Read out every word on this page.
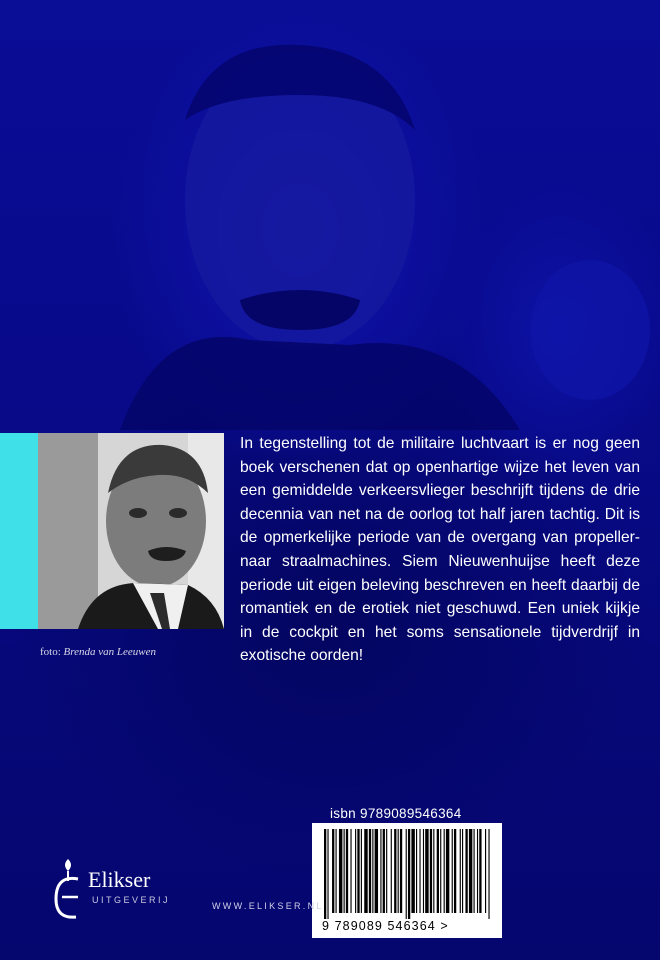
foto: Brenda van Leeuwen
In tegenstelling tot de militaire luchtvaart is er nog geen boek verschenen dat op openhartige wijze het leven van een gemiddelde verkeersvlieger beschrijft tijdens de drie decennia van net na de oorlog tot half jaren tachtig. Dit is de opmerkelijke periode van de overgang van propeller- naar straalmachines. Siem Nieuwenhuijse heeft deze periode uit eigen beleving beschreven en heeft daarbij de romantiek en de erotiek niet geschuwd. Een uniek kijkje in de cockpit en het soms sensationele tijdverdrijf in exotische oorden!
isbn 9789089546364
9 789089 546364 >
Elikser
UITGEVERIJ
WWW.ELIKSER.NL
